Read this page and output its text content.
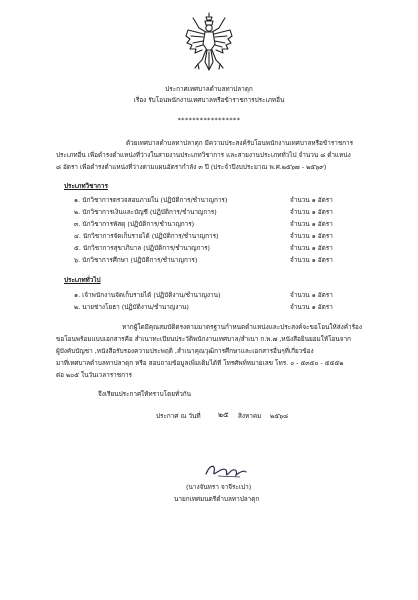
ประกาศเทศบาลตำบลทาปลาดุก
เรื่อง รับโอนพนักงานเทศบาลหรือข้าราชการประเภทอื่น
*****************
ด้วยเทศบาลตำบลทาปลาดุก มีความประสงค์รับโอนพนักงานเทศบาลหรือข้าราชการ
ประเภทอื่น เพื่อดำรงตำแหน่งที่ว่างในสายงานประเภทวิชาการ และสายงานประเภททั่วไป จำนวน ๘ ตำแหน่ง
๘ อัตรา เพื่อดำรงตำแหน่งที่ว่างตามแผนอัตรากำลัง ๓ ปี (ประจำปีงบประมาณ พ.ศ.๒๕๖๗ - ๒๕๖๙)
ประเภทวิชาการ
๑. นักวิชาการตรวจสอบภายใน (ปฏิบัติการ/ชำนาญการ)	จำนวน ๑ อัตรา
๒. นักวิชาการเงินและบัญชี (ปฏิบัติการ/ชำนาญการ)	จำนวน ๑ อัตรา
๓. นักวิชาการพัสดุ (ปฏิบัติการ/ชำนาญการ)	จำนวน ๑ อัตรา
๔. นักวิชาการจัดเก็บรายได้ (ปฏิบัติการ/ชำนาญการ)	จำนวน ๑ อัตรา
๕. นักวิชาการสุขาภิบาล (ปฏิบัติการ/ชำนาญการ)	จำนวน ๑ อัตรา
๖. นักวิชาการศึกษา (ปฏิบัติการ/ชำนาญการ)	จำนวน ๑ อัตรา
ประเภททั่วไป
๑. เจ้าพนักงานจัดเก็บรายได้ (ปฏิบัติงาน/ชำนาญงาน)	จำนวน ๑ อัตรา
๒. นายช่างโยธา (ปฏิบัติงาน/ชำนาญงาน)	จำนวน ๑ อัตรา
หากผู้ใดมีคุณสมบัติตรงตามมาตรฐานกำหนดตำแหน่งและประสงค์จะขอโอนให้ส่งคำร้อง
ขอโอนพร้อมแบบเอกสารคือ สำเนาทะเบียนประวัติพนักงานเทศบาล/สำเนา ก.พ.๗ ,หนังสือยินยอมให้โอนจาก
ผู้บังคับบัญชา ,หนังสือรับรองความประพฤติ ,สำเนาคุณวุฒิการศึกษาและเอกสารอื่นๆที่เกี่ยวข้อง
มาที่เทศบาลตำบลทาปลาดุก หรือ สอบถามข้อมูลเพิ่มเติมได้ที่ โทรศัพท์หมายเลข โทร. ๐ - ๕๓๕๐ - ๕๕๕๒
ต่อ ๒๐๕ ในวันเวลาราชการ
จึงเรียนประกาศให้ทราบโดยทั่วกัน
ประกาศ ณ วันที่ ๒๕ สิงหาคม ๒๕๖๘
(นางจันทรา จาจีระเปา)
นายกเทศมนตรีตำบลทาปลาดุก
